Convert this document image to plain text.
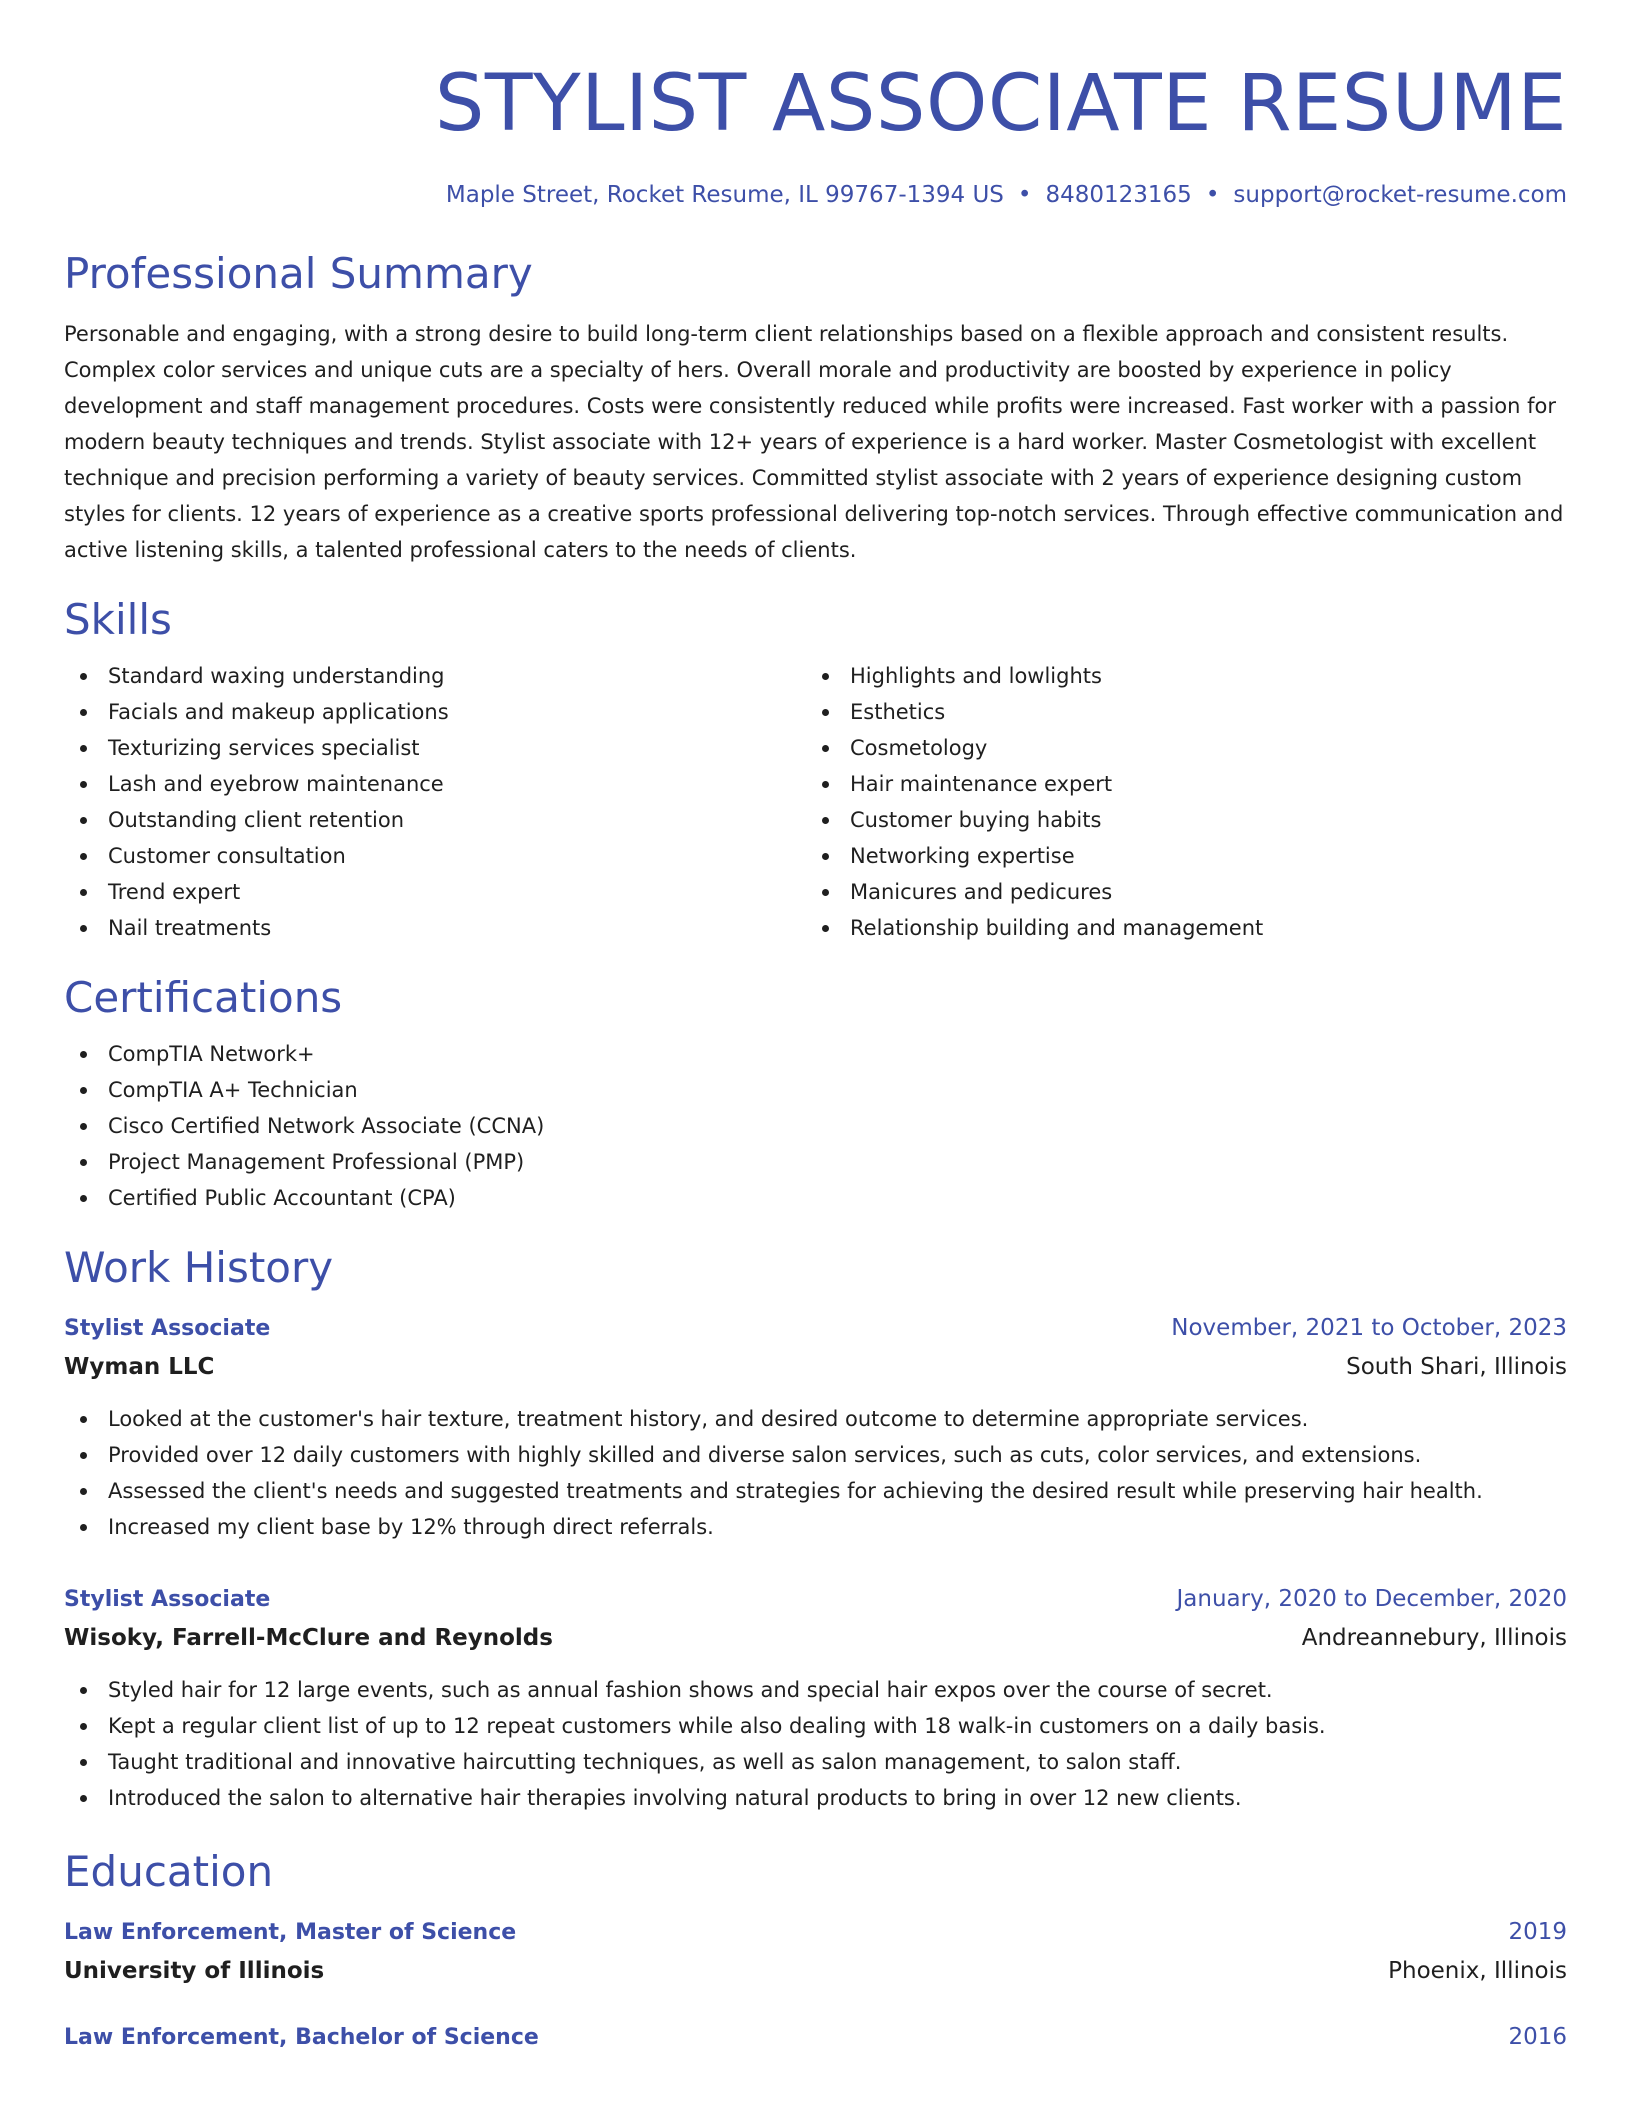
STYLIST ASSOCIATE RESUME
Maple Street, Rocket Resume, IL 99767-1394 US • 8480123165 • support@rocket-resume.com
Professional Summary
Personable and engaging, with a strong desire to build long-term client relationships based on a flexible approach and consistent results. Complex color services and unique cuts are a specialty of hers. Overall morale and productivity are boosted by experience in policy development and staff management procedures. Costs were consistently reduced while profits were increased. Fast worker with a passion for modern beauty techniques and trends. Stylist associate with 12+ years of experience is a hard worker. Master Cosmetologist with excellent technique and precision performing a variety of beauty services. Committed stylist associate with 2 years of experience designing custom styles for clients. 12 years of experience as a creative sports professional delivering top-notch services. Through effective communication and active listening skills, a talented professional caters to the needs of clients.
Skills
Standard waxing understanding
Facials and makeup applications
Texturizing services specialist
Lash and eyebrow maintenance
Outstanding client retention
Customer consultation
Trend expert
Nail treatments
Highlights and lowlights
Esthetics
Cosmetology
Hair maintenance expert
Customer buying habits
Networking expertise
Manicures and pedicures
Relationship building and management
Certifications
CompTIA Network+
CompTIA A+ Technician
Cisco Certified Network Associate (CCNA)
Project Management Professional (PMP)
Certified Public Accountant (CPA)
Work History
Stylist Associate	November, 2021 to October, 2023
Wyman LLC	South Shari, Illinois
Looked at the customer's hair texture, treatment history, and desired outcome to determine appropriate services.
Provided over 12 daily customers with highly skilled and diverse salon services, such as cuts, color services, and extensions.
Assessed the client's needs and suggested treatments and strategies for achieving the desired result while preserving hair health.
Increased my client base by 12% through direct referrals.
Stylist Associate	January, 2020 to December, 2020
Wisoky, Farrell-McClure and Reynolds	Andreannebury, Illinois
Styled hair for 12 large events, such as annual fashion shows and special hair expos over the course of secret.
Kept a regular client list of up to 12 repeat customers while also dealing with 18 walk-in customers on a daily basis.
Taught traditional and innovative haircutting techniques, as well as salon management, to salon staff.
Introduced the salon to alternative hair therapies involving natural products to bring in over 12 new clients.
Education
Law Enforcement, Master of Science	2019
University of Illinois	Phoenix, Illinois
Law Enforcement, Bachelor of Science	2016
